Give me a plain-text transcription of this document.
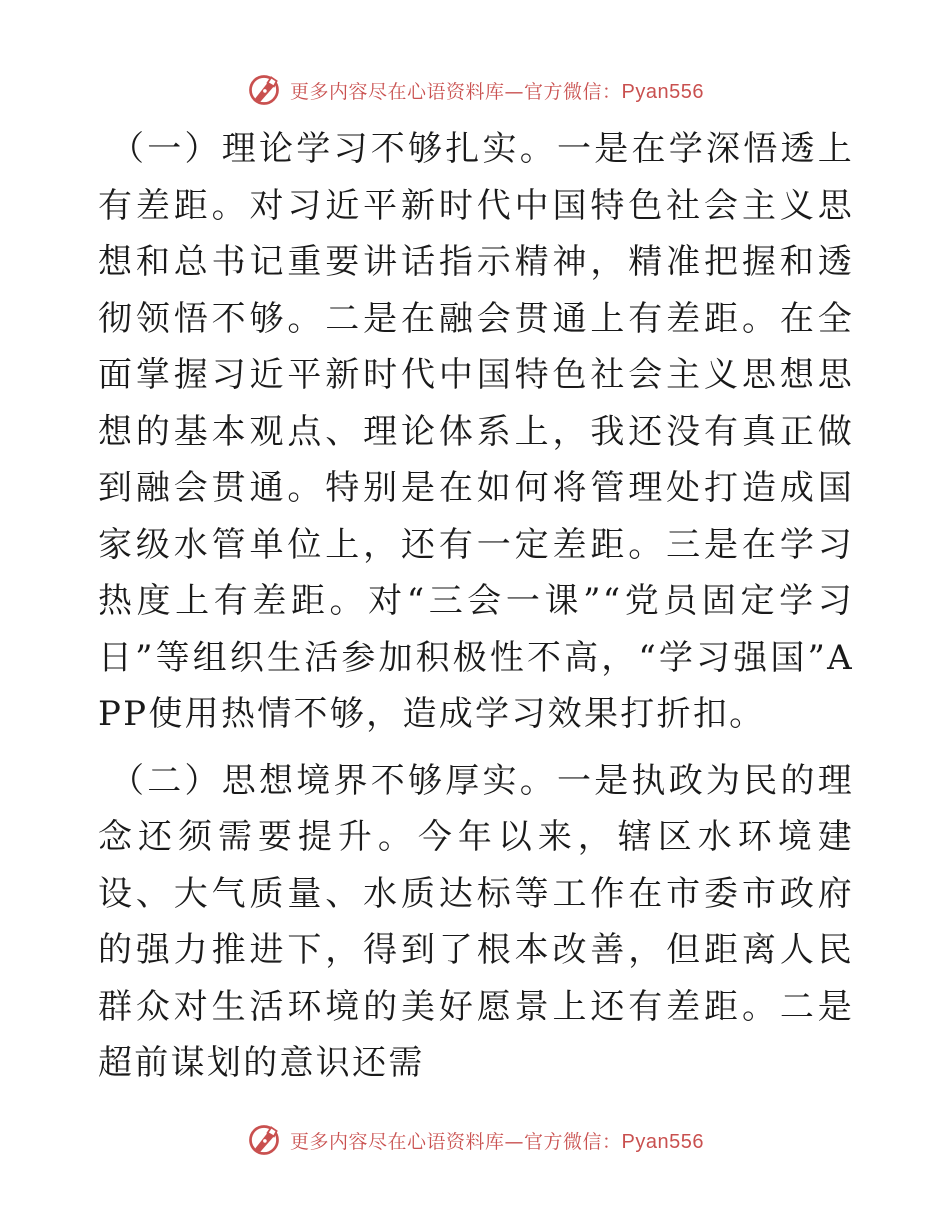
更多内容尽在心语资料库—官方微信：Pyan556

（一）理论学习不够扎实。一是在学深悟透上有差距。对习近平新时代中国特色社会主义思想和总书记重要讲话指示精神，精准把握和透彻领悟不够。二是在融会贯通上有差距。在全面掌握习近平新时代中国特色社会主义思想思想的基本观点、理论体系上，我还没有真正做到融会贯通。特别是在如何将管理处打造成国家级水管单位上，还有一定差距。三是在学习热度上有差距。对“三会一课”“党员固定学习日”等组织生活参加积极性不高，“学习强国”APP使用热情不够，造成学习效果打折扣。

（二）思想境界不够厚实。一是执政为民的理念还须需要提升。今年以来，辖区水环境建设、大气质量、水质达标等工作在市委市政府的强力推进下，得到了根本改善，但距离人民群众对生活环境的美好愿景上还有差距。二是超前谋划的意识还需

更多内容尽在心语资料库—官方微信：Pyan556
